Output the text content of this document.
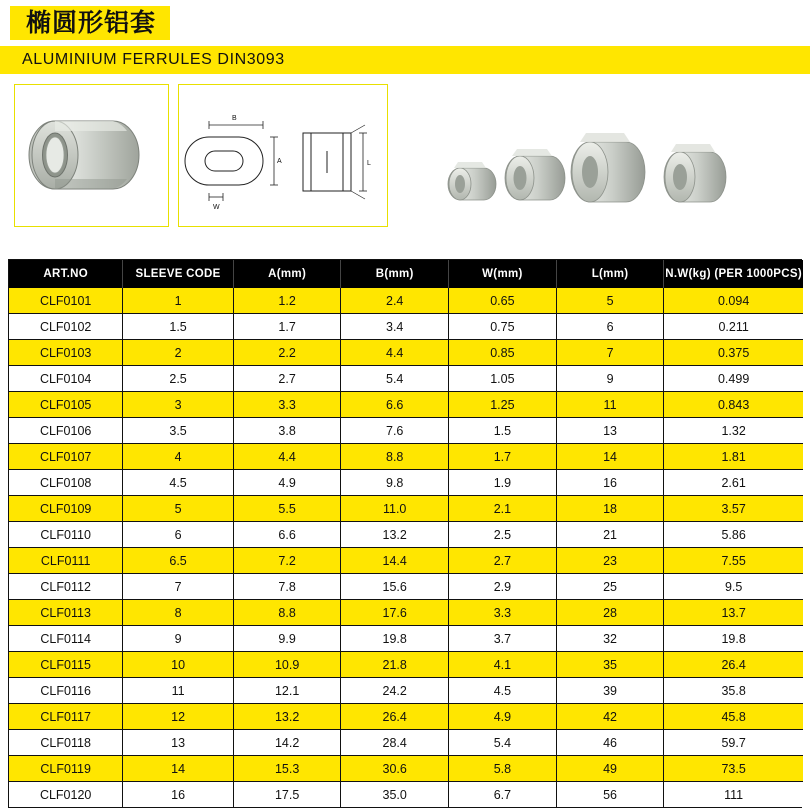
椭圆形铝套
ALUMINIUM FERRULES DIN3093
B
A
W
L
ART.NO	SLEEVE CODE	A(mm)	B(mm)	W(mm)	L(mm)	N.W(kg) (PER 1000PCS)
CLF0101	1	1.2	2.4	0.65	5	0.094
CLF0102	1.5	1.7	3.4	0.75	6	0.211
CLF0103	2	2.2	4.4	0.85	7	0.375
CLF0104	2.5	2.7	5.4	1.05	9	0.499
CLF0105	3	3.3	6.6	1.25	11	0.843
CLF0106	3.5	3.8	7.6	1.5	13	1.32
CLF0107	4	4.4	8.8	1.7	14	1.81
CLF0108	4.5	4.9	9.8	1.9	16	2.61
CLF0109	5	5.5	11.0	2.1	18	3.57
CLF0110	6	6.6	13.2	2.5	21	5.86
CLF0111	6.5	7.2	14.4	2.7	23	7.55
CLF0112	7	7.8	15.6	2.9	25	9.5
CLF0113	8	8.8	17.6	3.3	28	13.7
CLF0114	9	9.9	19.8	3.7	32	19.8
CLF0115	10	10.9	21.8	4.1	35	26.4
CLF0116	11	12.1	24.2	4.5	39	35.8
CLF0117	12	13.2	26.4	4.9	42	45.8
CLF0118	13	14.2	28.4	5.4	46	59.7
CLF0119	14	15.3	30.6	5.8	49	73.5
CLF0120	16	17.5	35.0	6.7	56	111
